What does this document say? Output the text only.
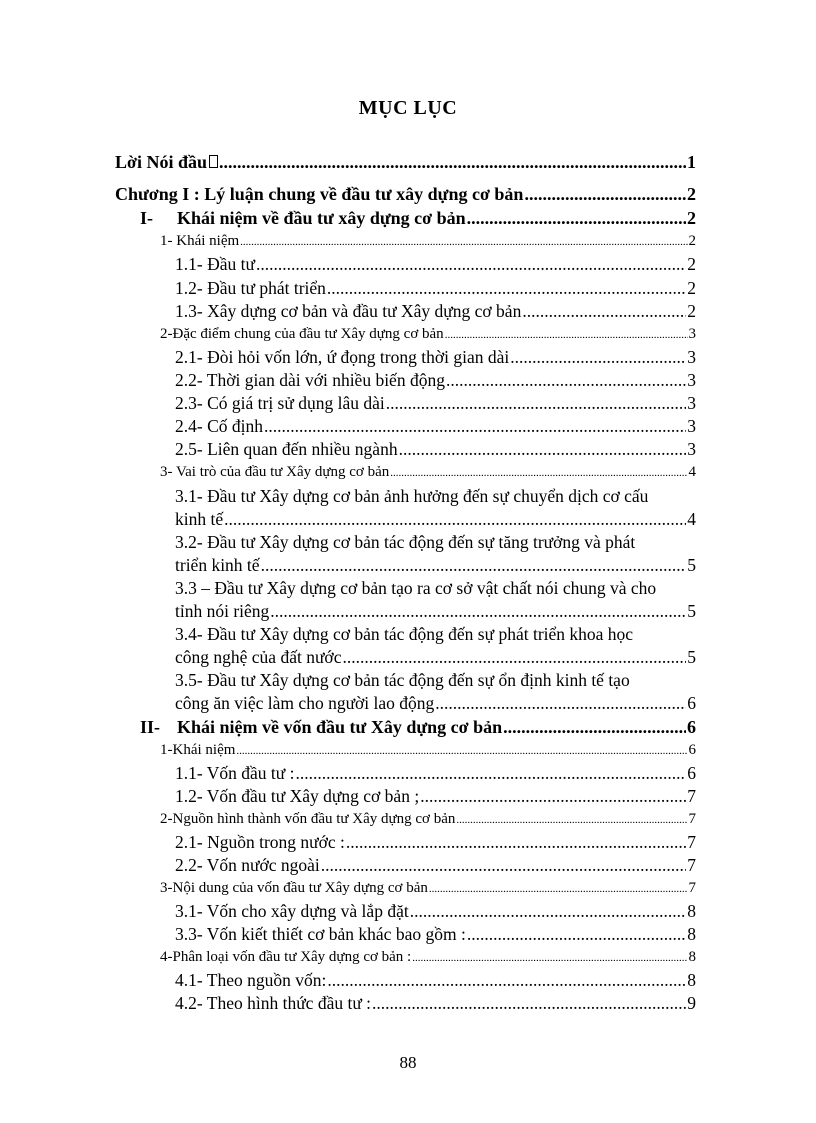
MỤC LỤC
Lời Nói đầu .....	1
Chương I : Lý luận chung về đầu tư xây dựng cơ bản .....	2
I-	Khái niệm về đầu tư xây dựng cơ bản .....	2
1- Khái niệm .....	2
1.1- Đầu tư .....	2
1.2- Đầu tư phát triển .....	2
1.3- Xây dựng cơ bản và đầu tư Xây dựng cơ bản .....	2
2-Đặc điểm chung của đầu tư Xây dựng cơ bản .....	3
2.1- Đòi hỏi vốn lớn, ứ đọng trong thời gian dài .....	3
2.2- Thời gian dài với nhiều biến động .....	3
2.3- Có giá trị sử dụng lâu dài .....	3
2.4- Cố định .....	3
2.5- Liên quan đến nhiều ngành .....	3
3- Vai trò của đầu tư Xây dựng cơ bản .....	4
3.1- Đầu tư Xây dựng cơ bản ảnh hưởng đến sự chuyển dịch cơ cấu
kinh tế .....	4
3.2- Đầu tư Xây dựng cơ bản tác động đến sự tăng trưởng và phát
triển kinh tế .....	5
3.3 – Đầu tư Xây dựng cơ bản tạo ra cơ sở vật chất nói chung và cho
tỉnh nói riêng .....	5
3.4- Đầu tư Xây dựng cơ bản tác động đến sự phát triển khoa học
công nghệ của đất nước .....	5
3.5- Đầu tư Xây dựng cơ bản tác động đến sự ổn định kinh tế tạo
công ăn việc làm cho người lao động .....	6
II- Khái niệm về vốn đầu tư Xây dựng cơ bản .....	6
1-Khái niệm .....	6
1.1- Vốn đầu tư : .....	6
1.2- Vốn đầu tư Xây dựng cơ bản ; .....	7
2-Nguồn hình thành vốn đầu tư Xây dựng cơ bản .....	7
2.1- Nguồn trong nước : .....	7
2.2- Vốn nước ngoài .....	7
3-Nội dung của vốn đầu tư Xây dựng cơ bản .....	7
3.1- Vốn cho xây dựng và lắp đặt .....	8
3.3- Vốn kiết thiết cơ bản khác bao gồm : .....	8
4-Phân loại vốn đầu tư Xây dựng cơ bản : .....	8
4.1- Theo nguồn vốn: .....	8
4.2- Theo hình thức đầu tư : .....	9
88
